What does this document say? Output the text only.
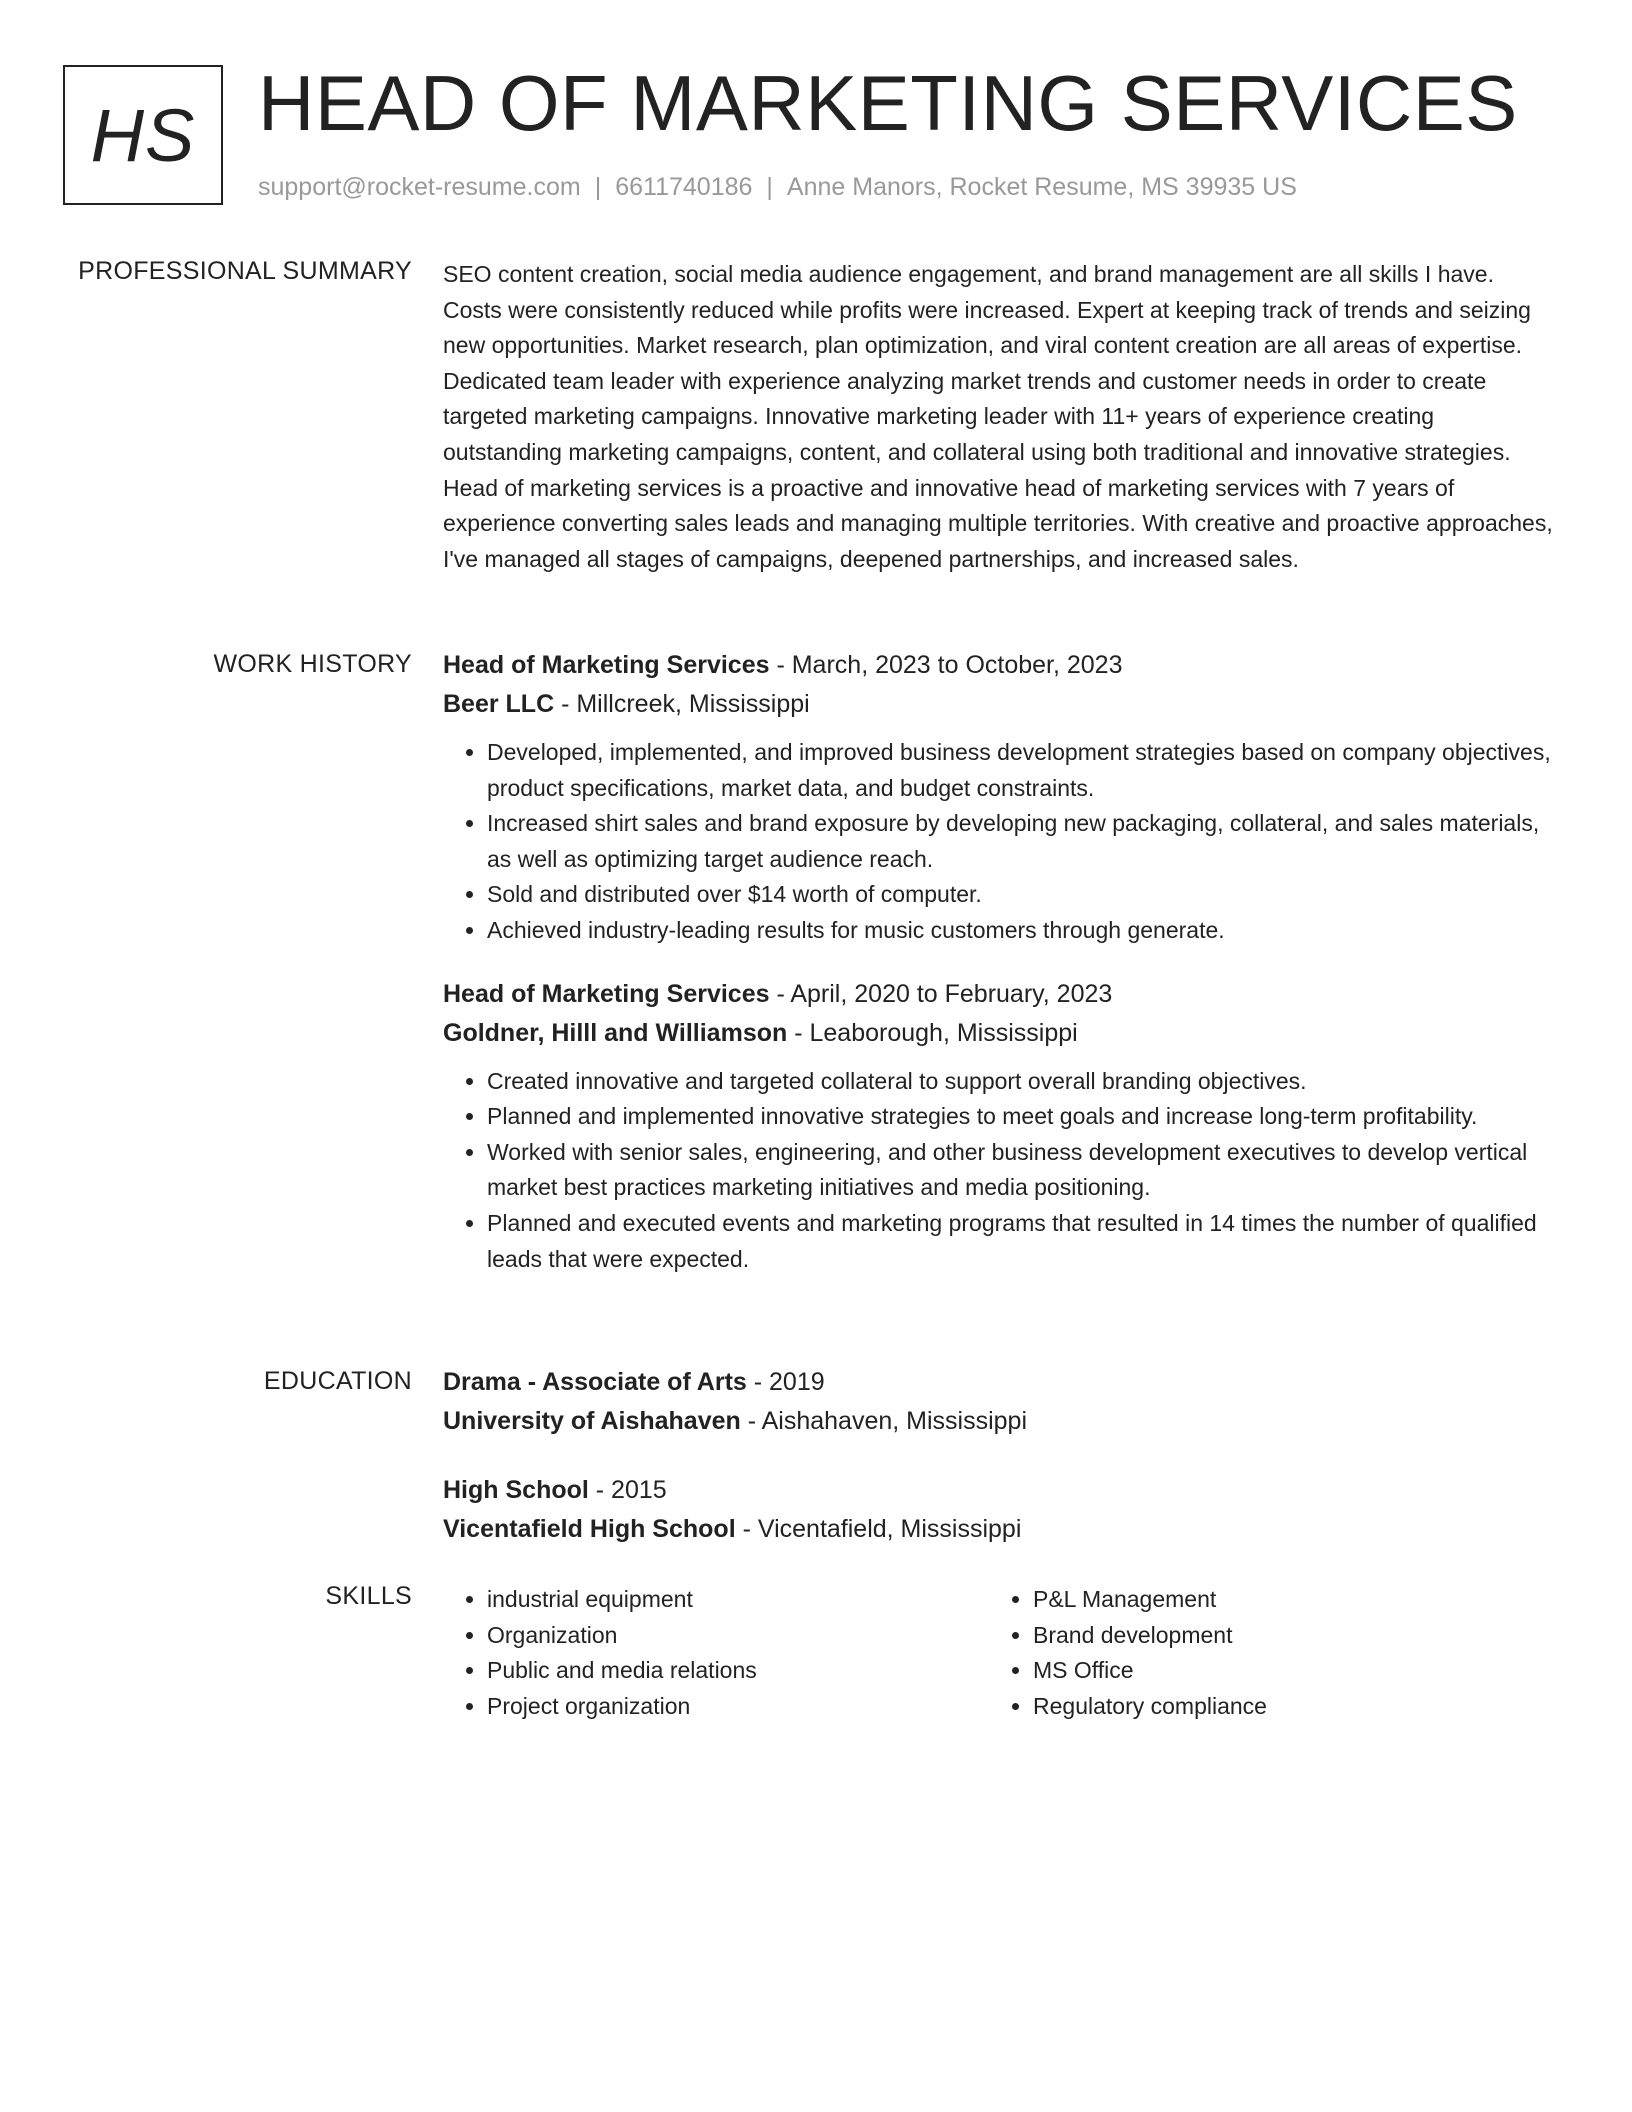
HS HEAD OF MARKETING SERVICES
support@rocket-resume.com | 6611740186 | Anne Manors, Rocket Resume, MS 39935 US
PROFESSIONAL SUMMARY SEO content creation, social media audience engagement, and brand management are all skills I have. Costs were consistently reduced while profits were increased. Expert at keeping track of trends and seizing new opportunities. Market research, plan optimization, and viral content creation are all areas of expertise. Dedicated team leader with experience analyzing market trends and customer needs in order to create targeted marketing campaigns. Innovative marketing leader with 11+ years of experience creating outstanding marketing campaigns, content, and collateral using both traditional and innovative strategies. Head of marketing services is a proactive and innovative head of marketing services with 7 years of experience converting sales leads and managing multiple territories. With creative and proactive approaches, I've managed all stages of campaigns, deepened partnerships, and increased sales.

WORK HISTORY Head of Marketing Services - March, 2023 to October, 2023
Beer LLC - Millcreek, Mississippi
• Developed, implemented, and improved business development strategies based on company objectives, product specifications, market data, and budget constraints.
• Increased shirt sales and brand exposure by developing new packaging, collateral, and sales materials, as well as optimizing target audience reach.
• Sold and distributed over $14 worth of computer.
• Achieved industry-leading results for music customers through generate.
Head of Marketing Services - April, 2020 to February, 2023
Goldner, Hilll and Williamson - Leaborough, Mississippi
• Created innovative and targeted collateral to support overall branding objectives.
• Planned and implemented innovative strategies to meet goals and increase long-term profitability.
• Worked with senior sales, engineering, and other business development executives to develop vertical market best practices marketing initiatives and media positioning.
• Planned and executed events and marketing programs that resulted in 14 times the number of qualified leads that were expected.
EDUCATION Drama - Associate of Arts - 2019
University of Aishahaven - Aishahaven, Mississippi
High School - 2015
Vicentafield High School - Vicentafield, Mississippi
SKILLS
•	industrial equipment
• Organization
• Public and media relations
• Project organization
• P&L Management
• Brand development
• MS Office
• Regulatory compliance
